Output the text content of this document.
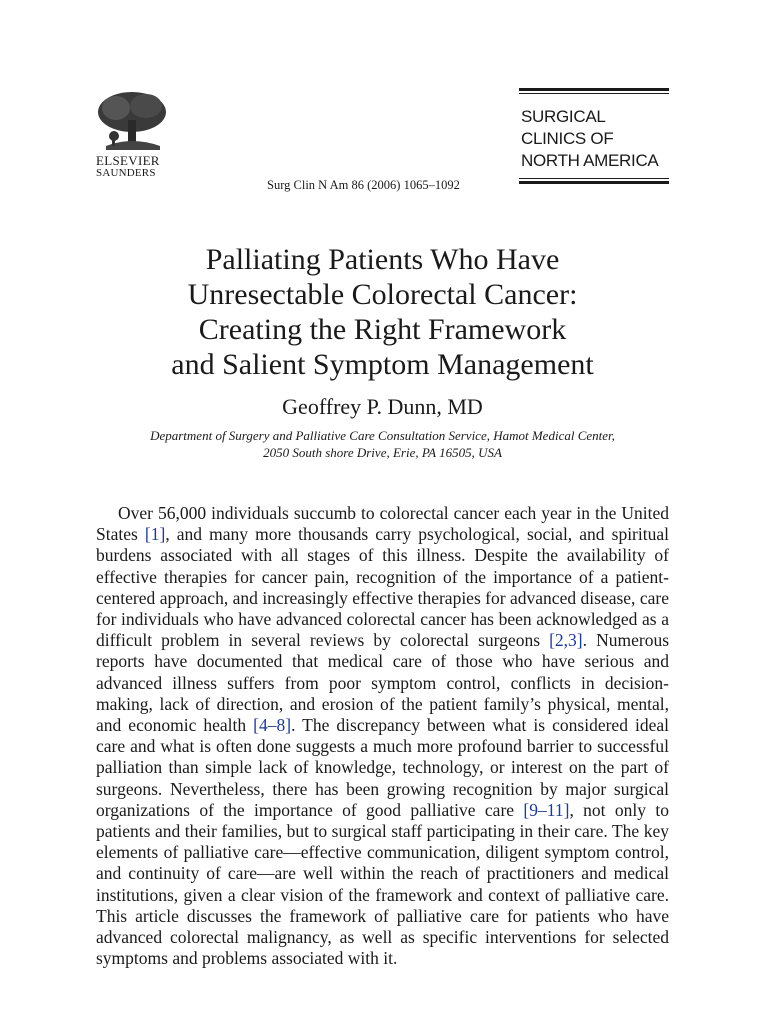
ELSEVIER
SAUNDERS
Surg Clin N Am 86 (2006) 1065–1092
SURGICAL
CLINICS OF
NORTH AMERICA
Palliating Patients Who Have
Unresectable Colorectal Cancer:
Creating the Right Framework
and Salient Symptom Management
Geoffrey P. Dunn, MD
Department of Surgery and Palliative Care Consultation Service, Hamot Medical Center,
2050 South shore Drive, Erie, PA 16505, USA

Over 56,000 individuals succumb to colorectal cancer each year in the United States [1], and many more thousands carry psychological, social, and spiritual burdens associated with all stages of this illness. Despite the availability of effective therapies for cancer pain, recognition of the importance of a patient-centered approach, and increasingly effective therapies for advanced disease, care for individuals who have advanced colorectal cancer has been acknowledged as a difficult problem in several reviews by colorectal surgeons [2,3]. Numerous reports have documented that medical care of those who have serious and advanced illness suffers from poor symptom control, conflicts in decision-making, lack of direction, and erosion of the patient family’s physical, mental, and economic health [4–8]. The discrepancy between what is considered ideal care and what is often done suggests a much more profound barrier to successful palliation than simple lack of knowledge, technology, or interest on the part of surgeons. Nevertheless, there has been growing recognition by major surgical organizations of the importance of good palliative care [9–11], not only to patients and their families, but to surgical staff participating in their care. The key elements of palliative care—effective communication, diligent symptom control, and continuity of care—are well within the reach of practitioners and medical institutions, given a clear vision of the framework and context of palliative care. This article discusses the framework of palliative care for patients who have advanced colorectal malignancy, as well as specific interventions for selected symptoms and problems associated with it.
